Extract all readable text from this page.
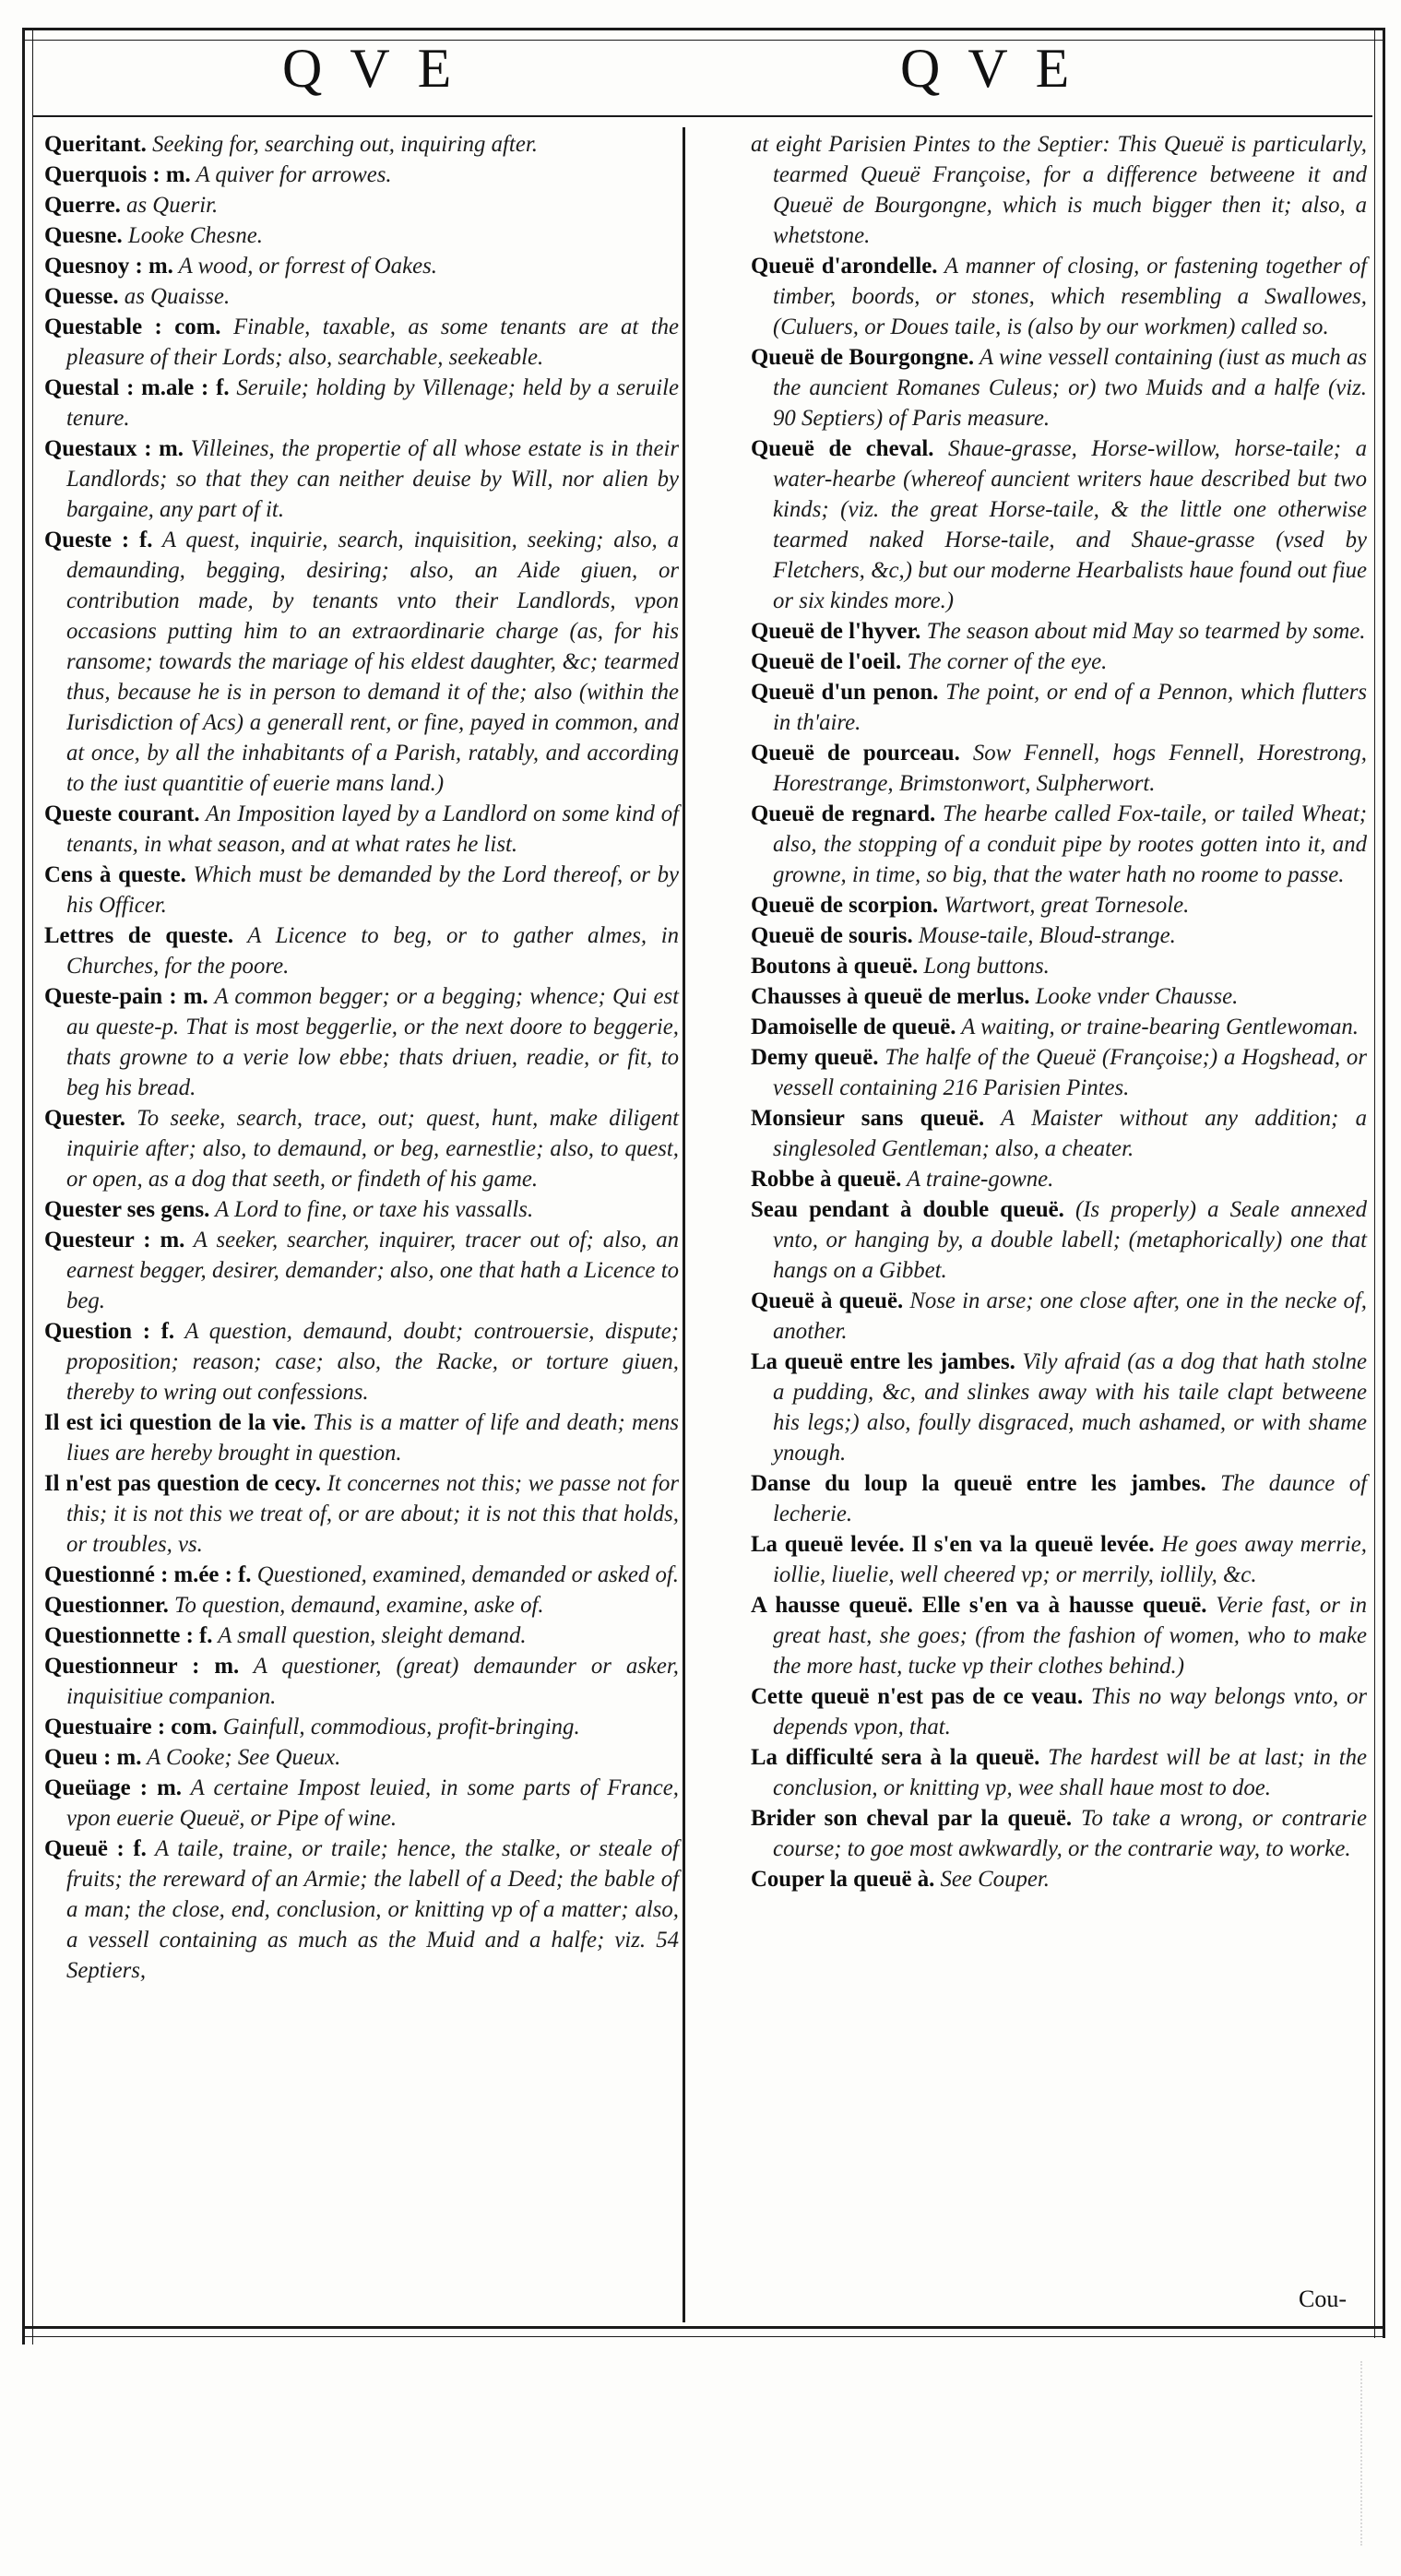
QVE	QVE

Queritant. Seeking for, searching out, inquiring after.

Querquois : m. A quiver for arrowes.

Querre. as Querir.

Quesne. Looke Chesne.

Quesnoy : m. A wood, or forrest of Oakes.

Quesse. as Quaisse.

Questable : com. Finable, taxable, as some tenants are at the pleasure of their Lords; also, searchable, seekeable.

Questal : m.ale : f. Seruile; holding by Villenage; held by a seruile tenure.

Questaux : m. Villeines, the propertie of all whose estate is in their Landlords; so that they can neither deuise by Will, nor alien by bargaine, any part of it.

Queste : f. A quest, inquirie, search, inquisition, seeking; also, a demaunding, begging, desiring; also, an Aide giuen, or contribution made, by tenants vnto their Landlords, vpon occasions putting him to an extraordinarie charge (as, for his ransome; towards the mariage of his eldest daughter, &c; tearmed thus, because he is in person to demand it of the; also (within the Iurisdiction of Acs) a generall rent, or fine, payed in common, and at once, by all the inhabitants of a Parish, ratably, and according to the iust quantitie of euerie mans land.)

Queste courant. An Imposition layed by a Landlord on some kind of tenants, in what season, and at what rates he list.

Cens à queste. Which must be demanded by the Lord thereof, or by his Officer.

Lettres de queste. A Licence to beg, or to gather almes, in Churches, for the poore.

Queste-pain : m. A common begger; or a begging; whence; Qui est au queste-p. That is most beggerlie, or the next doore to beggerie, thats growne to a verie low ebbe; thats driuen, readie, or fit, to beg his bread.

Quester. To seeke, search, trace, out; quest, hunt, make diligent inquirie after; also, to demaund, or beg, earnestlie; also, to quest, or open, as a dog that seeth, or findeth of his game.

Quester ses gens. A Lord to fine, or taxe his vassalls.

Questeur : m. A seeker, searcher, inquirer, tracer out of; also, an earnest begger, desirer, demander; also, one that hath a Licence to beg.

Question : f. A question, demaund, doubt; controuersie, dispute; proposition; reason; case; also, the Racke, or torture giuen, thereby to wring out confessions.

Il est ici question de la vie. This is a matter of life and death; mens liues are hereby brought in question.

Il n'est pas question de cecy. It concernes not this; we passe not for this; it is not this we treat of, or are about; it is not this that holds, or troubles, vs.

Questionné : m.ée : f. Questioned, examined, demanded or asked of.

Questionner. To question, demaund, examine, aske of.

Questionnette : f. A small question, sleight demand.

Questionneur : m. A questioner, (great) demaunder or asker, inquisitiue companion.

Questuaire : com. Gainfull, commodious, profit-bringing.

Queu : m. A Cooke; See Queux.

Queüage : m. A certaine Impost leuied, in some parts of France, vpon euerie Queuë, or Pipe of wine.

Queuë : f. A taile, traine, or traile; hence, the stalke, or steale of fruits; the rereward of an Armie; the labell of a Deed; the bable of a man; the close, end, conclusion, or knitting vp of a matter; also, a vessell containing as much as the Muid and a halfe; viz. 54 Septiers,

at eight Parisien Pintes to the Septier: This Queuë is particularly, tearmed Queuë Françoise, for a difference betweene it and Queuë de Bourgongne, which is much bigger then it; also, a whetstone.

Queuë d'arondelle. A manner of closing, or fastening together of timber, boords, or stones, which resembling a Swallowes, (Culuers, or Doues taile, is (also by our workmen) called so.

Queuë de Bourgongne. A wine vessell containing (iust as much as the auncient Romanes Culeus; or) two Muids and a halfe (viz. 90 Septiers) of Paris measure.

Queuë de cheval. Shaue-grasse, Horse-willow, horse-taile; a water-hearbe (whereof auncient writers haue described but two kinds; (viz. the great Horse-taile, & the little one otherwise tearmed naked Horse-taile, and Shaue-grasse (vsed by Fletchers, &c,) but our moderne Hearbalists haue found out fiue or six kindes more.)

Queuë de l'hyver. The season about mid May so tearmed by some.

Queuë de l'oeil. The corner of the eye.

Queuë d'un penon. The point, or end of a Pennon, which flutters in th'aire.

Queuë de pourceau. Sow Fennell, hogs Fennell, Horestrong, Horestrange, Brimstonwort, Sulpherwort.

Queuë de regnard. The hearbe called Fox-taile, or tailed Wheat; also, the stopping of a conduit pipe by rootes gotten into it, and growne, in time, so big, that the water hath no roome to passe.

Queuë de scorpion. Wartwort, great Tornesole.

Queuë de souris. Mouse-taile, Bloud-strange.

Boutons à queuë. Long buttons.

Chausses à queuë de merlus. Looke vnder Chausse.

Damoiselle de queuë. A waiting, or traine-bearing Gentlewoman.

Demy queuë. The halfe of the Queuë (Françoise;) a Hogshead, or vessell containing 216 Parisien Pintes.

Monsieur sans queuë. A Maister without any addition; a singlesoled Gentleman; also, a cheater.

Robbe à queuë. A traine-gowne.

Seau pendant à double queuë. (Is properly) a Seale annexed vnto, or hanging by, a double labell; (metaphorically) one that hangs on a Gibbet.

Queuë à queuë. Nose in arse; one close after, one in the necke of, another.

La queuë entre les jambes. Vily afraid (as a dog that hath stolne a pudding, &c, and slinkes away with his taile clapt betweene his legs;) also, foully disgraced, much ashamed, or with shame ynough.

Danse du loup la queuë entre les jambes. The daunce of lecherie.

La queuë levée. Il s'en va la queuë levée. He goes away merrie, iollie, liuelie, well cheered vp; or merrily, iollily, &c.

A hausse queuë. Elle s'en va à hausse queuë. Verie fast, or in great hast, she goes; (from the fashion of women, who to make the more hast, tucke vp their clothes behind.)

Cette queuë n'est pas de ce veau. This no way belongs vnto, or depends vpon, that.

La difficulté sera à la queuë. The hardest will be at last; in the conclusion, or knitting vp, wee shall haue most to doe.

Brider son cheval par la queuë. To take a wrong, or contrarie course; to goe most awkwardly, or the contrarie way, to worke.

Couper la queuë à. See Couper.

Cou-
